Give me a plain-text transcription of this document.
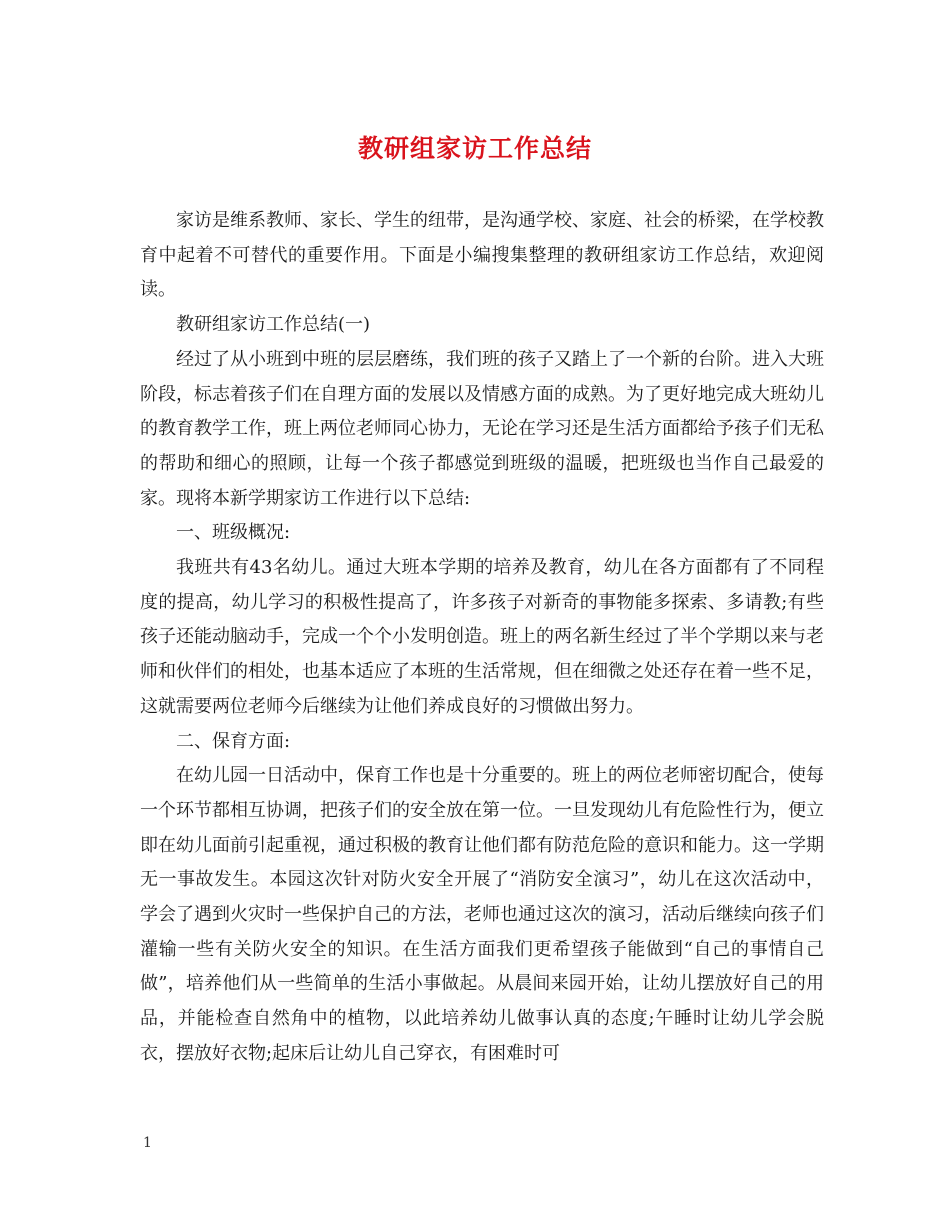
教研组家访工作总结

家访是维系教师、家长、学生的纽带，是沟通学校、家庭、社会的桥梁，在学校教育中起着不可替代的重要作用。下面是小编搜集整理的教研组家访工作总结，欢迎阅读。

教研组家访工作总结(一)

经过了从小班到中班的层层磨练，我们班的孩子又踏上了一个新的台阶。进入大班阶段，标志着孩子们在自理方面的发展以及情感方面的成熟。为了更好地完成大班幼儿的教育教学工作，班上两位老师同心协力，无论在学习还是生活方面都给予孩子们无私的帮助和细心的照顾，让每一个孩子都感觉到班级的温暖，把班级也当作自己最爱的家。现将本新学期家访工作进行以下总结:

一、班级概况:

我班共有43名幼儿。通过大班本学期的培养及教育，幼儿在各方面都有了不同程度的提高，幼儿学习的积极性提高了，许多孩子对新奇的事物能多探索、多请教;有些孩子还能动脑动手，完成一个个小发明创造。班上的两名新生经过了半个学期以来与老师和伙伴们的相处，也基本适应了本班的生活常规，但在细微之处还存在着一些不足，这就需要两位老师今后继续为让他们养成良好的习惯做出努力。

二、保育方面:

在幼儿园一日活动中，保育工作也是十分重要的。班上的两位老师密切配合，使每一个环节都相互协调，把孩子们的安全放在第一位。一旦发现幼儿有危险性行为，便立即在幼儿面前引起重视，通过积极的教育让他们都有防范危险的意识和能力。这一学期无一事故发生。本园这次针对防火安全开展了“消防安全演习”，幼儿在这次活动中，学会了遇到火灾时一些保护自己的方法，老师也通过这次的演习，活动后继续向孩子们灌输一些有关防火安全的知识。在生活方面我们更希望孩子能做到“自己的事情自己做”，培养他们从一些简单的生活小事做起。从晨间来园开始，让幼儿摆放好自己的用品，并能检查自然角中的植物，以此培养幼儿做事认真的态度;午睡时让幼儿学会脱衣，摆放好衣物;起床后让幼儿自己穿衣，有困难时可

1
